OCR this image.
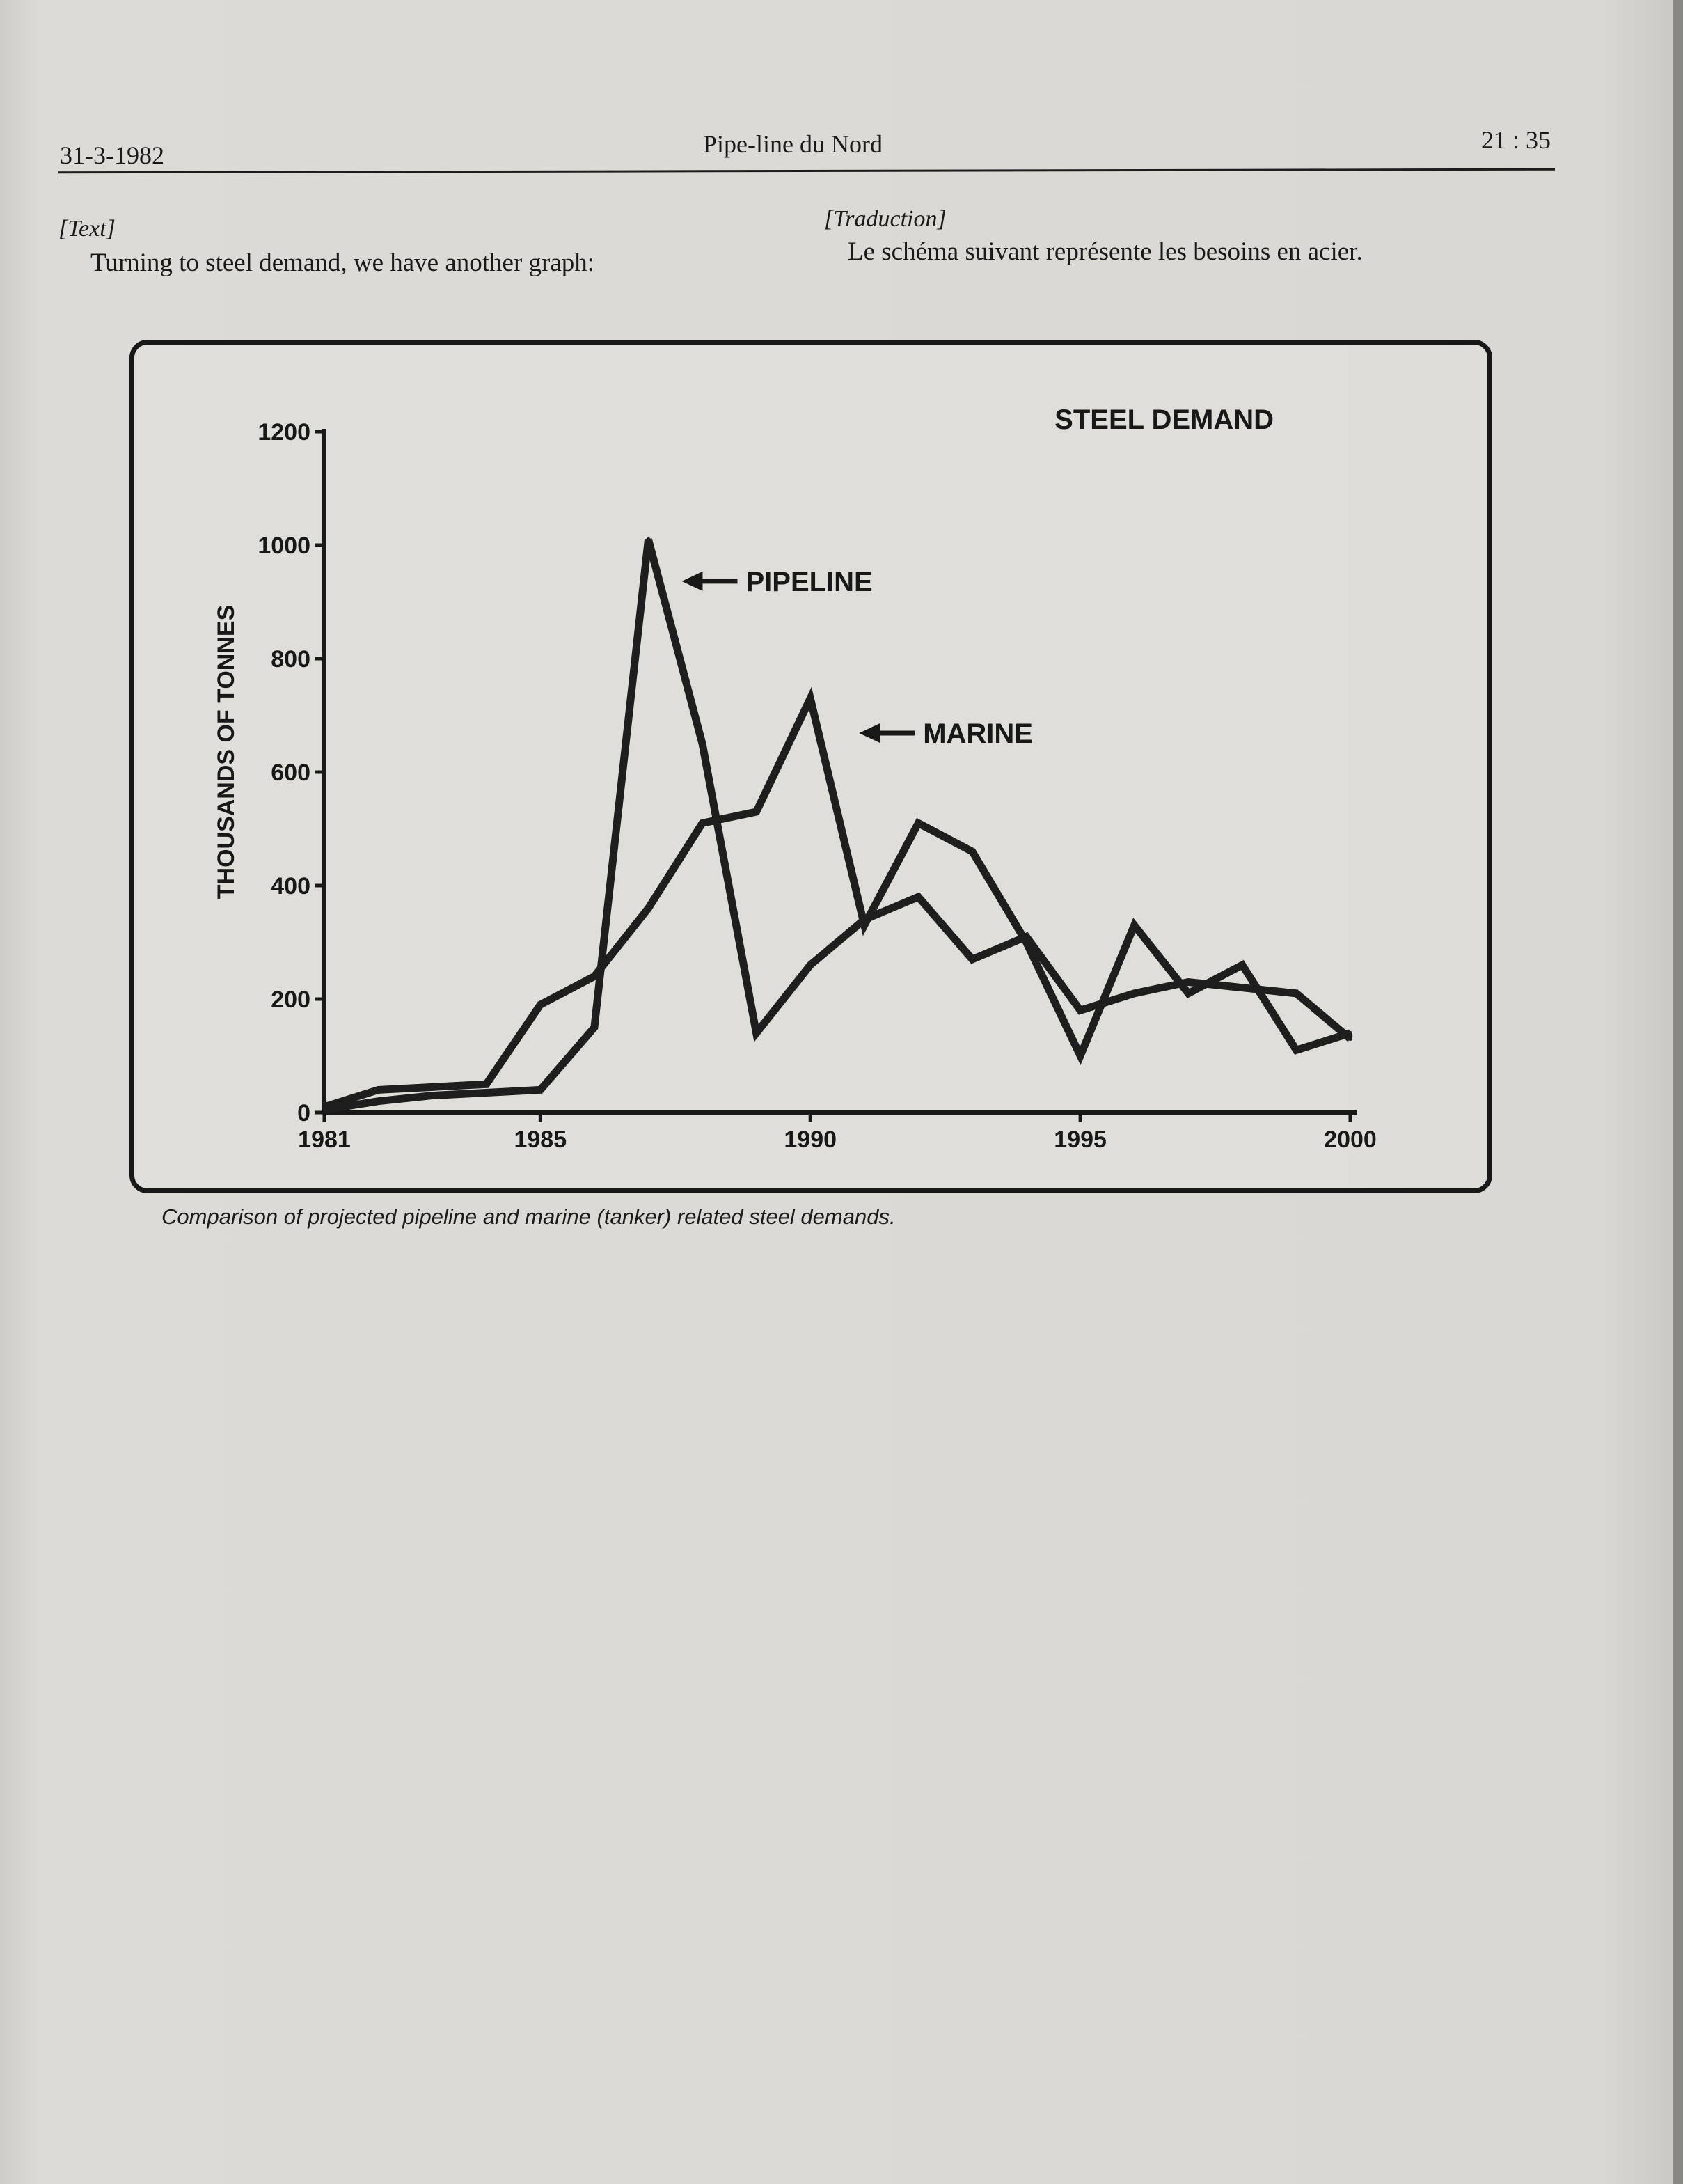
31-3-1982	Pipe-line du Nord	21 : 35
[Text]	[Traduction]
Turning to steel demand, we have another graph:	Le schéma suivant représente les besoins en acier.
0
200
400
600
800
1000
1200
1981	1985	1990	1995	2000
PIPELINE
MARINE
STEEL DEMAND
THOUSANDS OF TONNES
Comparison of projected pipeline and marine (tanker) related steel demands.
